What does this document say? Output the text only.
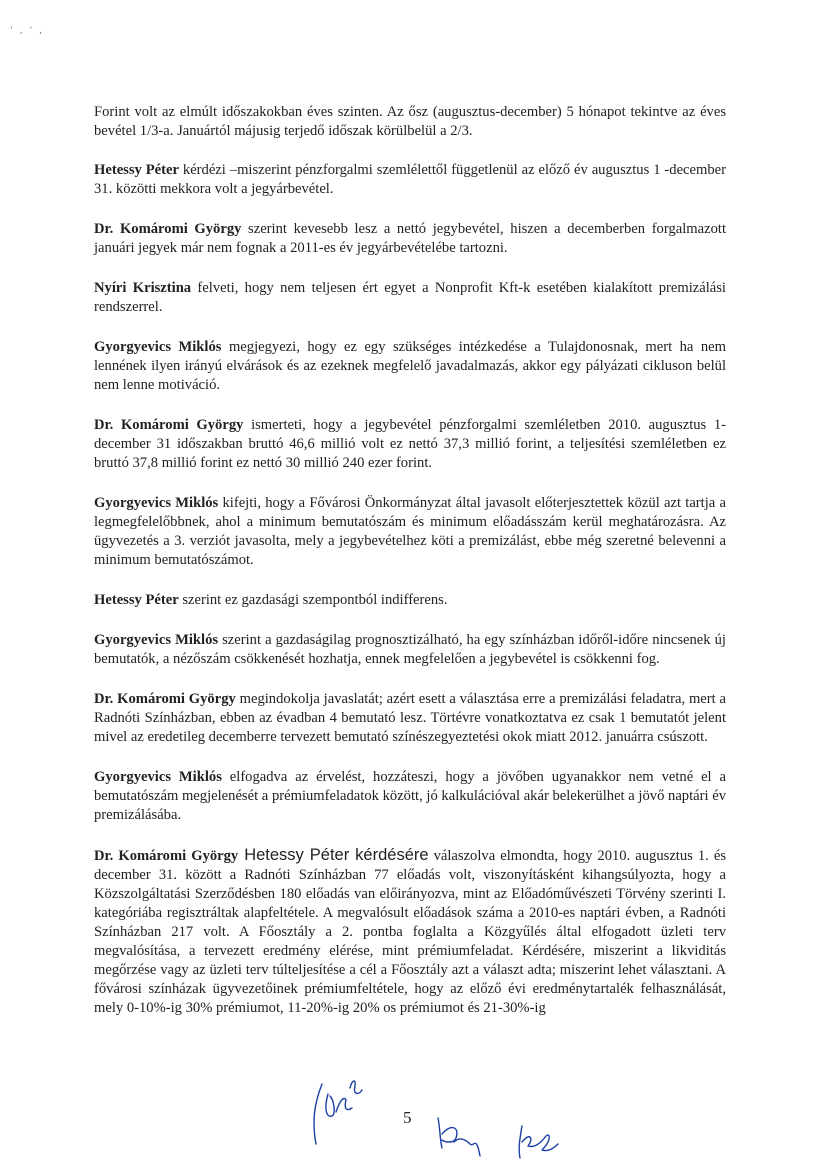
’ , ‘ ,

Forint volt az elmúlt időszakokban éves szinten. Az ősz (augusztus-december) 5 hónapot tekintve az éves bevétel 1/3-a. Januártól májusig terjedő időszak körülbelül a 2/3.

Hetessy Péter kérdézi –miszerint pénzforgalmi szemlélettől függetlenül az előző év augusztus 1 -december 31. közötti mekkora volt a jegyárbevétel.

Dr. Komáromi György szerint kevesebb lesz a nettó jegybevétel, hiszen a decemberben forgalmazott januári jegyek már nem fognak a 2011-es év jegyárbevételébe tartozni.

Nyíri Krisztina felveti, hogy nem teljesen ért egyet a Nonprofit Kft-k esetében kialakított premizálási rendszerrel.

Gyorgyevics Miklós megjegyezi, hogy ez egy szükséges intézkedése a Tulajdonosnak, mert ha nem lennének ilyen irányú elvárások és az ezeknek megfelelő javadalmazás, akkor egy pályázati cikluson belül nem lenne motiváció.

Dr. Komáromi György ismerteti, hogy a jegybevétel pénzforgalmi szemléletben 2010. augusztus 1-december 31 időszakban bruttó 46,6 millió volt ez nettó 37,3 millió forint, a teljesítési szemléletben ez bruttó 37,8 millió forint ez nettó 30 millió 240 ezer forint.

Gyorgyevics Miklós kifejti, hogy a Fővárosi Önkormányzat által javasolt előterjesztettek közül azt tartja a legmegfelelőbbnek, ahol a minimum bemutatószám és minimum előadásszám kerül meghatározásra. Az ügyvezetés a 3. verziót javasolta, mely a jegybevételhez köti a premizálást, ebbe még szeretné belevenni a minimum bemutatószámot.

Hetessy Péter szerint ez gazdasági szempontból indifferens.

Gyorgyevics Miklós szerint a gazdaságilag prognosztizálható, ha egy színházban időről-időre nincsenek új bemutatók, a nézőszám csökkenését hozhatja, ennek megfelelően a jegybevétel is csökkenni fog.

Dr. Komáromi György megindokolja javaslatát; azért esett a választása erre a premizálási feladatra, mert a Radnóti Színházban, ebben az évadban 4 bemutató lesz. Törtévre vonatkoztatva ez csak 1 bemutatót jelent mivel az eredetileg decemberre tervezett bemutató színészegyeztetési okok miatt 2012. januárra csúszott.

Gyorgyevics Miklós elfogadva az érvelést, hozzáteszi, hogy a jövőben ugyanakkor nem vetné el a bemutatószám megjelenését a prémiumfeladatok között, jó kalkulációval akár belekerülhet a jövő naptári év premizálásába.

Dr. Komáromi György Hetessy Péter kérdésére válaszolva elmondta, hogy 2010. augusztus 1. és december 31. között a Radnóti Színházban 77 előadás volt, viszonyításként kihangsúlyozta, hogy a Közszolgáltatási Szerződésben 180 előadás van előirányozva, mint az Előadóművészeti Törvény szerinti I. kategóriába regisztráltak alapfeltétele. A megvalósult előadások száma a 2010-es naptári évben, a Radnóti Színházban 217 volt. A Főosztály a 2. pontba foglalta a Közgyűlés által elfogadott üzleti terv megvalósítása, a tervezett eredmény elérése, mint prémiumfeladat. Kérdésére, miszerint a likviditás megőrzése vagy az üzleti terv túlteljesítése a cél a Főosztály azt a választ adta; miszerint lehet választani. A fővárosi színházak ügyvezetőinek prémiumfeltétele, hogy az előző évi eredménytartalék felhasználását, mely 0-10%-ig 30% prémiumot, 11-20%-ig 20% os prémiumot és 21-30%-ig

5
